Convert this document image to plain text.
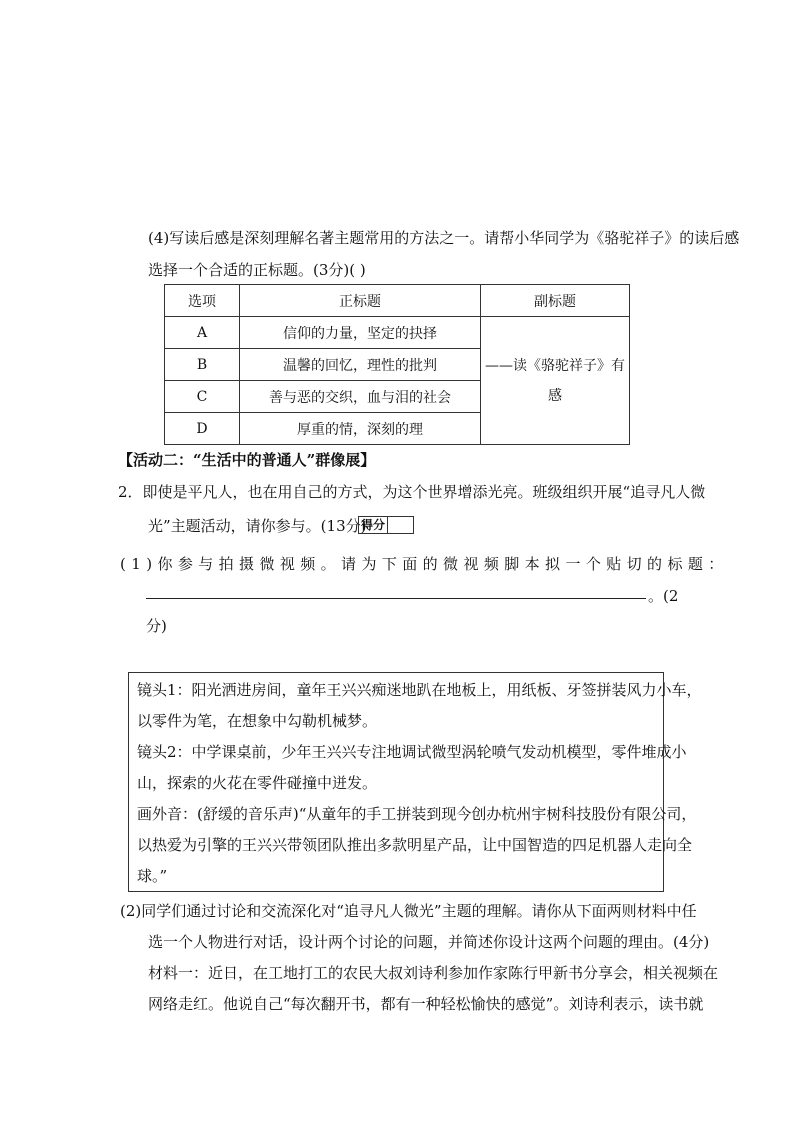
(4)写读后感是深刻理解名著主题常用的方法之一。请帮小华同学为《骆驼祥子》的读后感
选择一个合适的正标题。(3分)( )
选项	正标题	副标题
A	信仰的力量，坚定的抉择	——读《骆驼祥子》有
感

B	温馨的回忆，理性的批判	
C	善与恶的交织，血与泪的社会	
D	厚重的情，深刻的理	
【活动二：“生活中的普通人”群像展】
2．即使是平凡人，也在用自己的方式，为这个世界增添光亮。班级组织开展“追寻凡人微
光”主题活动，请你参与。(13分)
得分
(1)你参与拍摄微视频。请为下面的微视频脚本拟一个贴切的标题：
。(2
分)
镜头1：阳光洒进房间，童年王兴兴痴迷地趴在地板上，用纸板、牙签拼装风力小车，
以零件为笔，在想象中勾勒机械梦。
镜头2：中学课桌前，少年王兴兴专注地调试微型涡轮喷气发动机模型，零件堆成小
山，探索的火花在零件碰撞中迸发。
画外音：(舒缓的音乐声)“从童年的手工拼装到现今创办杭州宇树科技股份有限公司，
以热爱为引擎的王兴兴带领团队推出多款明星产品，让中国智造的四足机器人走向全
球。”
(2)同学们通过讨论和交流深化对“追寻凡人微光”主题的理解。请你从下面两则材料中任
选一个人物进行对话，设计两个讨论的问题，并简述你设计这两个问题的理由。(4分)
材料一：近日，在工地打工的农民大叔刘诗利参加作家陈行甲新书分享会，相关视频在
网络走红。他说自己“每次翻开书，都有一种轻松愉快的感觉”。刘诗利表示，读书就
